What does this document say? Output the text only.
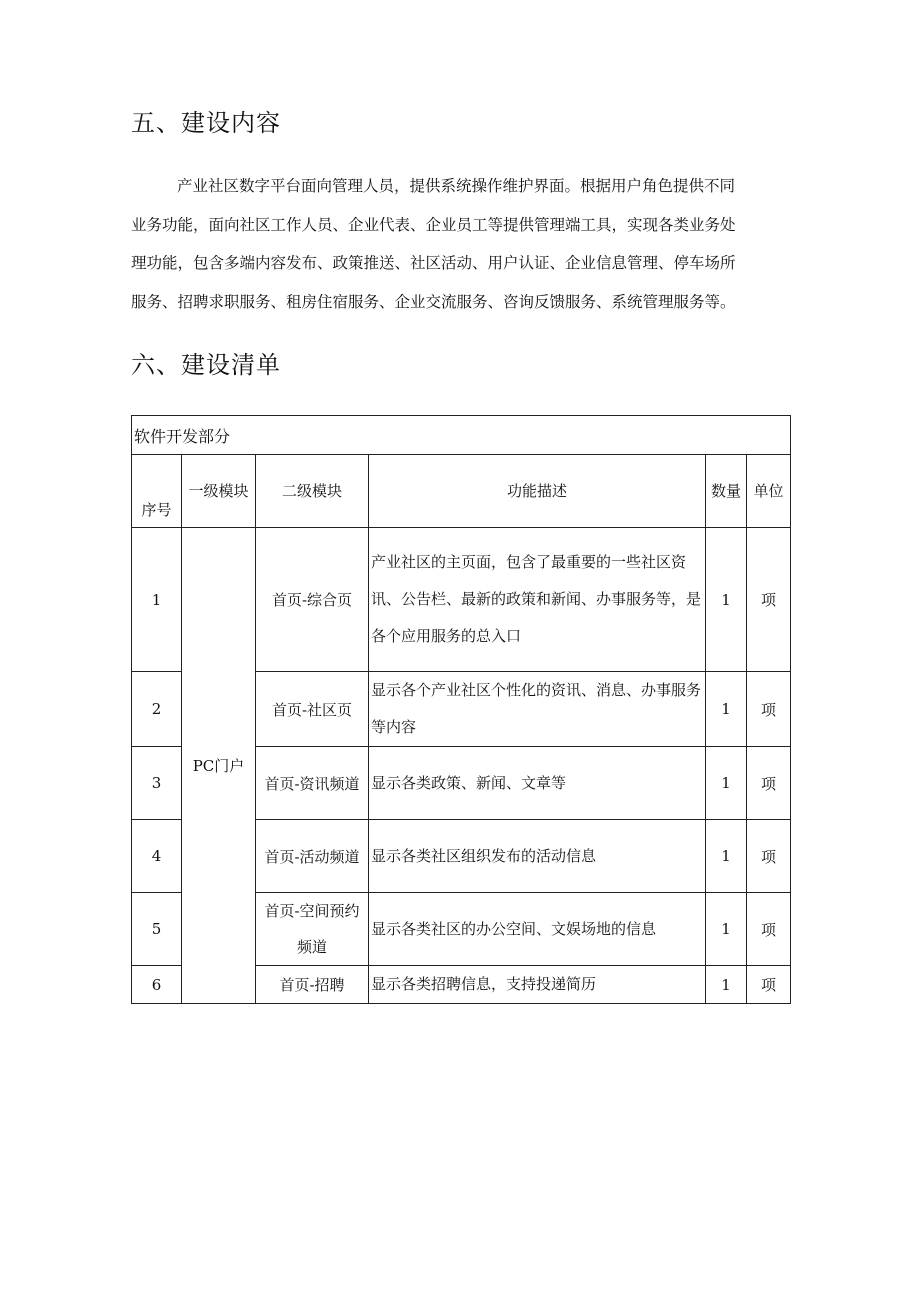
五、建设内容

产业社区数字平台面向管理人员，提供系统操作维护界面。根据用户角色提供不同
业务功能，面向社区工作人员、企业代表、企业员工等提供管理端工具，实现各类业务处
理功能，包含多端内容发布、政策推送、社区活动、用户认证、企业信息管理、停车场所
服务、招聘求职服务、租房住宿服务、企业交流服务、咨询反馈服务、系统管理服务等。

六、建设清单
软件开发部分					
序号	一级模块	二级模块	功能描述	数量	单位
1	PC门户	首页-综合页	产业社区的主页面，包含了最重要的一些社区资讯、公告栏、最新的政策和新闻、办事服务等，是各个应用服务的总入口	1	项
2		首页-社区页	显示各个产业社区个性化的资讯、消息、办事服务等内容	1	项
3		首页-资讯频道	显示各类政策、新闻、文章等	1	项
4		首页-活动频道	显示各类社区组织发布的活动信息	1	项
5		首页-空间预约频道	显示各类社区的办公空间、文娱场地的信息	1	项
6		首页-招聘	显示各类招聘信息，支持投递简历	1	项
